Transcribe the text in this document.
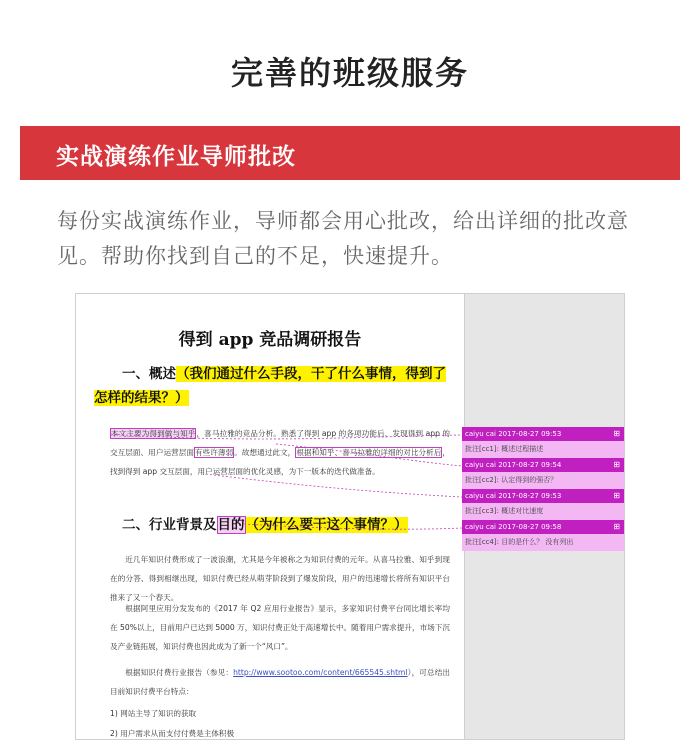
完善的班级服务
实战演练作业导师批改
每份实战演练作业，导师都会用心批改，给出详细的批改意见。帮助你找到自己的不足，快速提升。
得到 app 竞品调研报告
一、概述（我们通过什么手段，干了什么事情，得到了怎样的结果？）
本文主要为得到做与知乎，喜马拉雅的竞品分析。熟悉了得到 app 的各项功能后，发现得到 app 的交互层面、用户运营层面有些许薄弱。故想通过此文，根据和知乎、喜马拉雅的详细的对比分析后，找到得到 app 交互层面，用户运营层面的优化灵感，为下一版本的迭代做准备。
二、行业背景及目的（为什么要干这个事情？）
近几年知识付费形成了一波浪潮，尤其是今年被称之为知识付费的元年。从喜马拉雅、知乎到现在的分答、得到相继出现，知识付费已经从萌芽阶段到了爆发阶段，用户的迅速增长将所有知识平台推来了又一个春天。
根据阿里应用分发发布的《2017 年 Q2 应用行业报告》显示，多家知识付费平台同比增长率均在 50%以上，目前用户已达到 5000 万，知识付费正处于高速增长中。随着用户需求提升，市场下沉及产业链拓展，知识付费也因此成为了新一个“风口”。
根据知识付费行业报告（参见：http://www.sootoo.com/content/665545.shtml），可总结出目前知识付费平台特点：
1) 网站主导了知识的获取
2) 用户需求从而支付付费是主体积极
caiyu cai 2017-08-27 09:53	⊞
批注[cc1]: 概述过程描述
caiyu cai 2017-08-27 09:54	⊞
批注[cc2]: 认定得到的强否？
caiyu cai 2017-08-27 09:53	⊞
批注[cc3]: 概述对比速度
caiyu cai 2017-08-27 09:58	⊞
批注[cc4]: 目的是什么？ 没有列出
